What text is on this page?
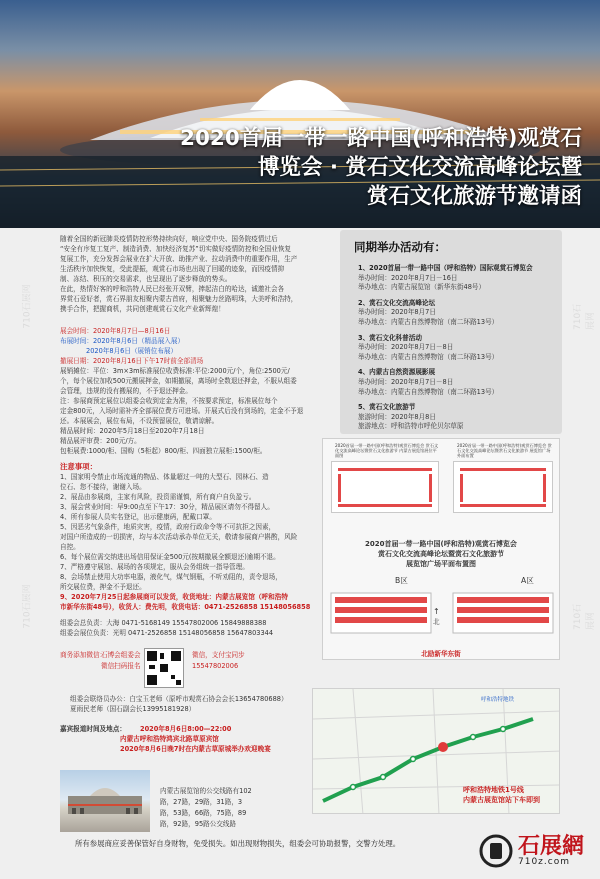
2020首届一带一路中国(呼和浩特)观赏石
博览会 · 赏石文化交流高峰论坛暨
赏石文化旅游节邀请函
随着全国的新冠肺炎疫情防控形势持续向好，响应党中央、国务院疫情过后
“安全有序复工复产、制造消费、加快经济复苏”切实做好疫情防控和全国业恢复
复展工作，充分发挥会展业在扩大开放、助推产业、拉动消费中的重要作用，生产
生活秩序加快恢复，受此提振，观赏石市场也出现了回暖的迹象，而因疫情抑
制、冻结、积压的交易需求，也呈现出了逐步释放的势头。
在此，热情好客的呼和浩特人民已经张开双臂，捧起洁白的哈达，诚邀社会各
界赏石爱好者，赏石界朋友相聚内蒙古首府，相聚魅力丝路明珠，大美呼和浩特，
携手合作，把握商机，共同创建观赏石文化产业新辉煌！
展会时间：2020年8月7日—8月16日
布展时间：2020年8月6日（精品展入展）
2020年8月6日（展销位布展）
撤展日期：2020年8月16日下午17时前全部清场
展销摊位：平位：3m×3m标准展位收费标准:平位:2000元/个，角位:2500元/
个，每个展位加收500元搬展押金，如期撤展，离场时全数退还押金，不服从组委
会管理，违规的没有搬展的，不予退还押金。
注：参展商预定展位以组委会收到定金为准，不按要求预定，标准展位每个
定金800元，入场时需补齐全部展位费方可进场。开展式后没有到场的，定金不予退
还。本展展会，展位布局，不设预留展位，敬请谅解。
精品展时间：2020年5月18日至2020年7月18日
精品展评审费：200元/方。
包柜展费:1000/柜、国购（5柜起）800/柜、四面独立展柜:1500/柜。
注意事项：
1、国家明令禁止市场流通的物品、体量超过一吨的大型石、园林石、造
位石、您不接待，谢谢入场。
2、展品由参展商，主家有风险，投资需谨慎，所有商户自负盈亏。
3、展会营业时间：早9:00点至下午17：30分，精品展区请勿不得留人。
4、所有参展人员实名登记，出示健康码，配戴口罩。
5、因恶劣气象条件，地质灾害，疫情，政府行政命令等不可抗拒之因素，
对国户所造成的一切损害，均与本次活动承办单位无关，敬请参展商户斟酌，风险
自控。
6、每个展位需交纳进出场信用保证金500元(按期撤展全额退还)逾期不退。
7、严格遵守展馆、展场的各项规定，服从会务组统一指导管理。
8、会场禁止使用大功率电器，液化气，煤气钢瓶，不听劝阻的，责令退场，
所交展位费，押金不予退还。
9、2020年7月25日起参展商可以发货，收货地址：内蒙古展览馆（呼和浩特
市新华东街48号），收货人：费先明，收货电话：0471-2526858 15148056858
组委会总负责：大海 0471-5168149 15547802006 15849888388
组委会展位负责：光明 0471-2526858 15148056858 15647803344
商务添加微信：
石博会组委会
微信扫码报名
微信，支付宝同步
15547802006
组委会联络员办公：白宝玉老师（原呼市观赏石协会会长13654780688）
夏雨民老师（国石副会长13995181928）
嘉宾报道时间及地点： 2020年8月6日8:00—22:00
内蒙古呼和浩特鸿宾北路草原宾馆
2020年8月6日晚7时在内蒙古草原城举办欢迎晚宴
内蒙古展览馆的公交线路有102
路，27路，29路，31路，3
路，53路，66路，75路，89
路，92路，95路公交线路
同期举办活动有：
1、2020首届一带一路中国（呼和浩特）国际观赏石博览会
举办时间：2020年8月7日－16日
举办地点：内蒙古展览馆（新华东街48号）
2、赏石文化交流高峰论坛
举办时间：2020年8月7日
举办地点：内蒙古自然博物馆（南二环路13号）
3、赏石文化科普活动
举办时间：2020年8月7日－8日
举办地点：内蒙古自然博物馆（南二环路13号）
4、内蒙古自然资源展影展
举办时间：2020年8月7日－8日
举办地点：内蒙古自然博物馆（南二环路13号）
5、赏石文化旅游节
旅游时间：2020年8月8日
旅游地点：呼和浩特市呼伦贝尔草原
2020首届一带一路中国(呼和浩特)观赏石博览会 赏石文化交流高峰论坛暨赏石文化旅游节 内蒙古展览馆展位平面图
2020首届一带一路中国(呼和浩特)观赏石博览会 赏石文化交流高峰论坛暨赏石文化旅游节 展览馆广场 外面布置
2020首届一带一路中国(呼和浩特)观赏石博览会
赏石文化交流高峰论坛暨赏石文化旅游节
展览馆广场平面布置图
B区	A区
↑
北
北励新华东街
呼和浩特地铁
呼和浩特地铁1号线
内蒙古展览馆站下车即到
所有参展商应妥善保管好自身财物，免受损失。如出现财物损失，组委会可协助报警，交警方处理。	石展網
710z.com
710石展网
710石展网
710石展网
710石展网
